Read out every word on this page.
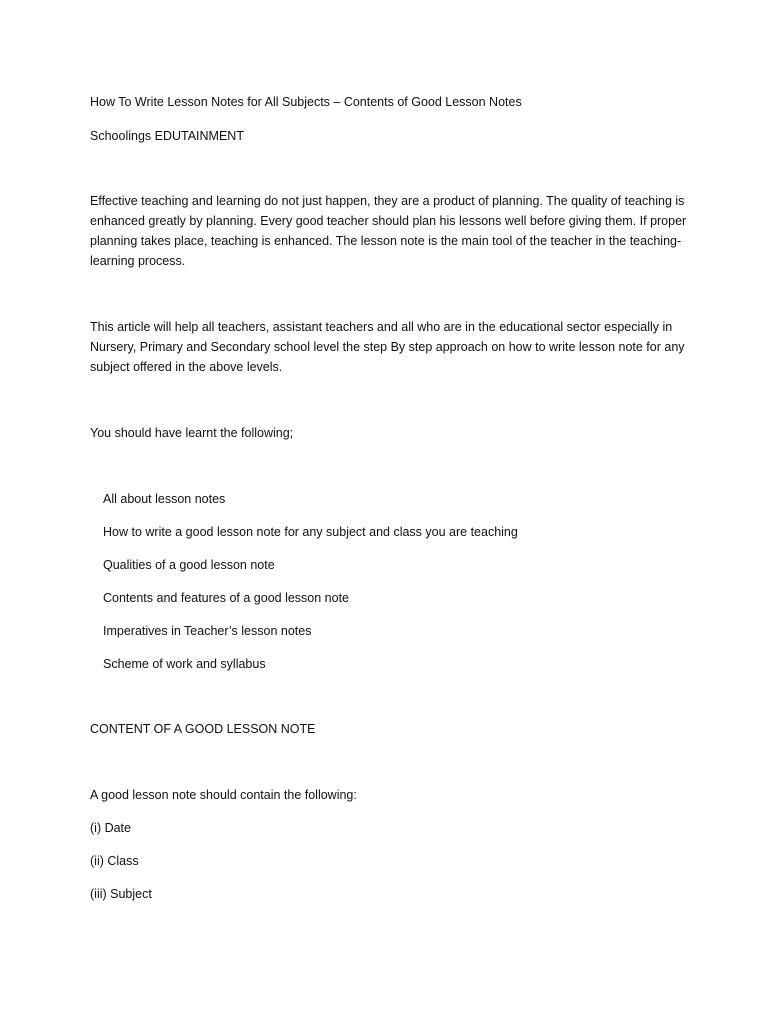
How To Write Lesson Notes for All Subjects – Contents of Good Lesson Notes

Schoolings EDUTAINMENT

Effective teaching and learning do not just happen, they are a product of planning. The quality of teaching is enhanced greatly by planning. Every good teacher should plan his lessons well before giving them. If proper planning takes place, teaching is enhanced. The lesson note is the main tool of the teacher in the teaching-learning process.

This article will help all teachers, assistant teachers and all who are in the educational sector especially in Nursery, Primary and Secondary school level the step By step approach on how to write lesson note for any subject offered in the above levels.

You should have learnt the following;

All about lesson notes

How to write a good lesson note for any subject and class you are teaching

Qualities of a good lesson note

Contents and features of a good lesson note

Imperatives in Teacher’s lesson notes

Scheme of work and syllabus

CONTENT OF A GOOD LESSON NOTE

A good lesson note should contain the following:

(i) Date

(ii) Class

(iii) Subject
